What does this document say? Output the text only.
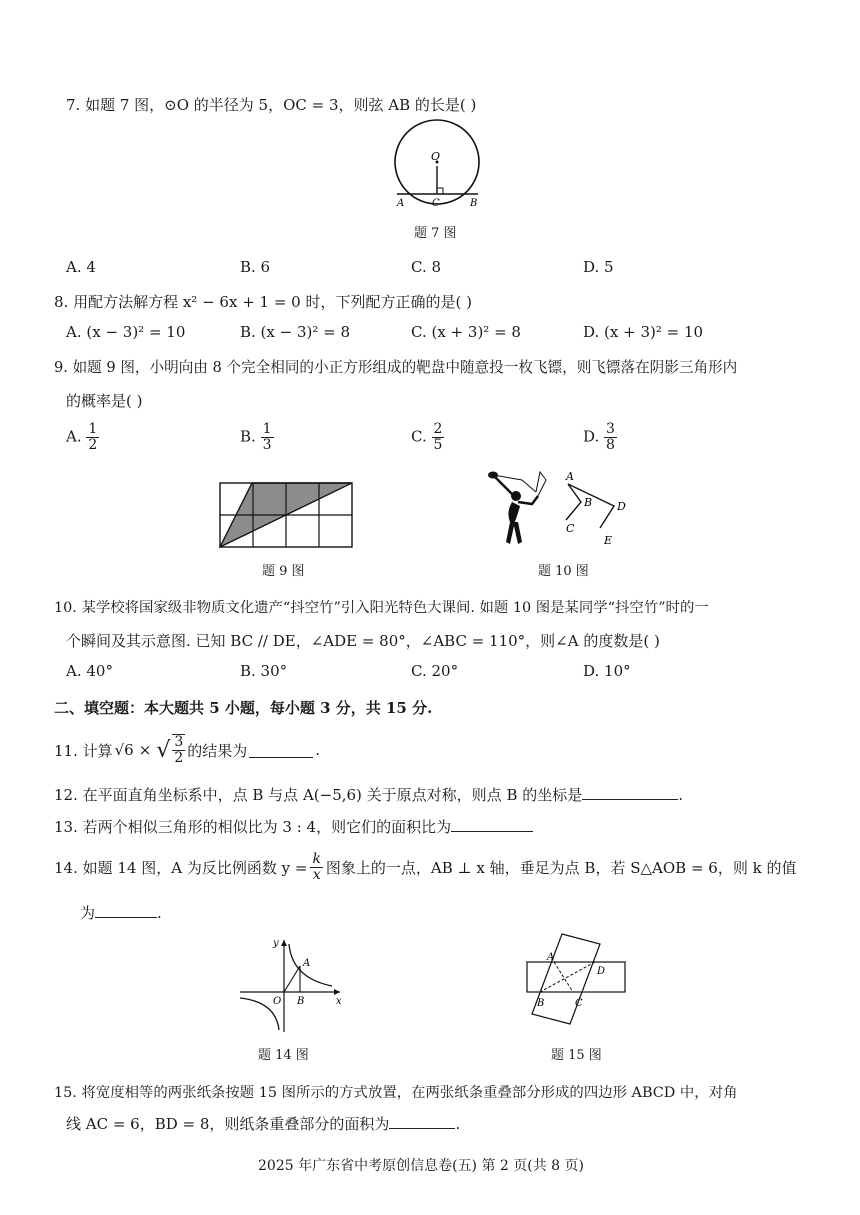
7. 如题 7 图，⊙O 的半径为 5，OC = 3，则弦 AB 的长是( )
O
A	C	B
题 7 图
A. 4	B. 6	C. 8	D. 5
8. 用配方法解方程 x² − 6x + 1 = 0 时，下列配方正确的是( )
A. (x − 3)² = 10	B. (x − 3)² = 8	C. (x + 3)² = 8	D. (x + 3)² = 10
9. 如题 9 图，小明向由 8 个完全相同的小正方形组成的靶盘中随意投一枚飞镖，则飞镖落在阴影三角形内
的概率是( )
A. $\frac{1}{2}$	B. $\frac{1}{3}$	C. $\frac{2}{5}$	D. $\frac{3}{8}$
题 9 图
A
B
C
D
E
题 10 图
10. 某学校将国家级非物质文化遗产“抖空竹”引入阳光特色大课间. 如题 10 图是某同学“抖空竹”时的一
个瞬间及其示意图. 已知 BC // DE，∠ADE = 80°，∠ABC = 110°，则∠A 的度数是( )
A. 40°	B. 30°	C. 20°	D. 10°
二、填空题：本大题共 5 小题，每小题 3 分，共 15 分.
11. 计算 √6 × √ $\frac{3}{2}$ 的结果为	.
12. 在平面直角坐标系中，点 B 与点 A(−5,6) 关于原点对称，则点 B 的坐标是	.
13. 若两个相似三角形的相似比为 3 : 4，则它们的面积比为
14. 如题 14 图，A 为反比例函数 $y = \frac{k}{x}$ 图象上的一点，AB ⊥ x 轴，垂足为点 B，若 S△AOB = 6，则 k 的值
为	.
y
x
O
A
B
题 14 图
A
D
B	C
题 15 图
15. 将宽度相等的两张纸条按题 15 图所示的方式放置，在两张纸条重叠部分形成的四边形 ABCD 中，对角
线 AC = 6，BD = 8，则纸条重叠部分的面积为	.
2025 年广东省中考原创信息卷(五) 第 2 页(共 8 页)
